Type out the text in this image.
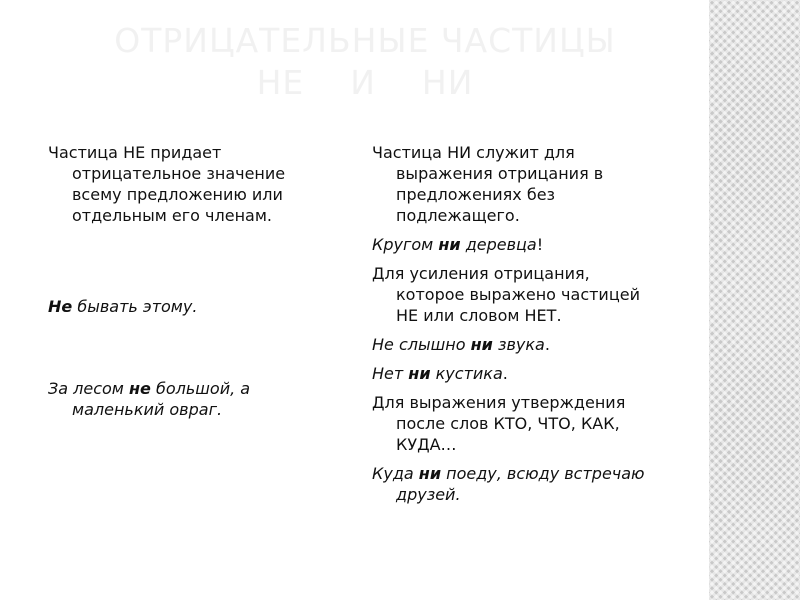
ОТРИЦАТЕЛЬНЫЕ ЧАСТИЦЫ
НЕ    И    НИ

Частица НЕ придает отрицательное значение всему предложению или отдельным его членам.

Не бывать этому.

За лесом не большой, а маленький овраг.

Частица НИ служит для выражения отрицания в предложениях без подлежащего.

Кругом ни деревца!

Для усиления отрицания, которое выражено частицей НЕ или словом НЕТ.

Не слышно ни звука.

Нет ни кустика.

Для выражения утверждения после слов КТО, ЧТО, КАК, КУДА…

Куда ни поеду, всюду встречаю друзей.
